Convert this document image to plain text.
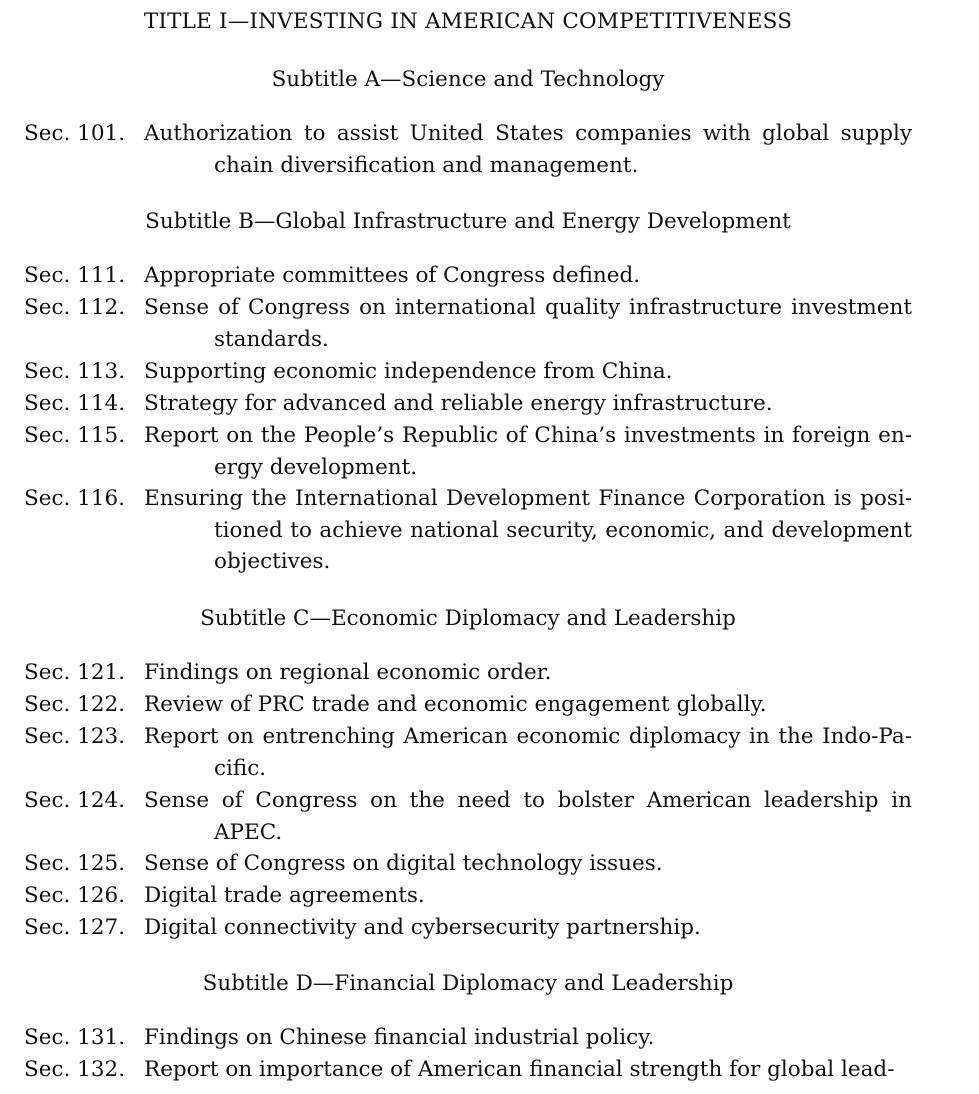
TITLE I—INVESTING IN AMERICAN COMPETITIVENESS
Subtitle A—Science and Technology
Sec. 101. Authorization to assist United States companies with global supply chain diversification and management.
Subtitle B—Global Infrastructure and Energy Development
Sec. 111. Appropriate committees of Congress defined.
Sec. 112. Sense of Congress on international quality infrastructure investment standards.
Sec. 113. Supporting economic independence from China.
Sec. 114. Strategy for advanced and reliable energy infrastructure.
Sec. 115. Report on the People’s Republic of China’s investments in foreign energy development.
Sec. 116. Ensuring the International Development Finance Corporation is positioned to achieve national security, economic, and development objectives.
Subtitle C—Economic Diplomacy and Leadership
Sec. 121. Findings on regional economic order.
Sec. 122. Review of PRC trade and economic engagement globally.
Sec. 123. Report on entrenching American economic diplomacy in the Indo-Pacific.
Sec. 124. Sense of Congress on the need to bolster American leadership in APEC.
Sec. 125. Sense of Congress on digital technology issues.
Sec. 126. Digital trade agreements.
Sec. 127. Digital connectivity and cybersecurity partnership.
Subtitle D—Financial Diplomacy and Leadership
Sec. 131. Findings on Chinese financial industrial policy.
Sec. 132. Report on importance of American financial strength for global lead-
